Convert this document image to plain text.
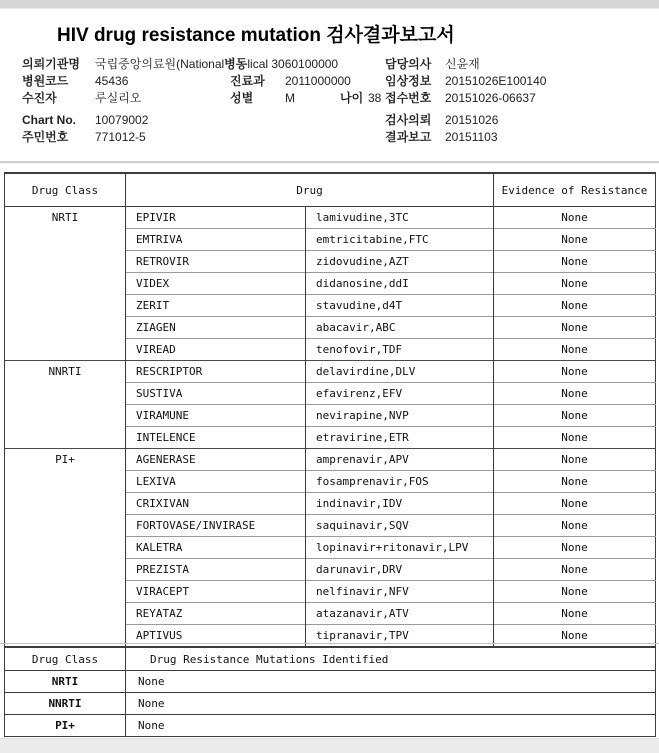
HIV drug resistance mutation 검사결과보고서
의뢰기관명	국립중앙의료원(National 병동 lical 3060100000
병원코드	45436	진료과	2011000000
수진자	루실리오	성별	M	나이 38
Chart No.	10079002
주민번호	771012-5
담당의사	신윤재
임상정보	20151026E100140
접수번호	20151026-06637
검사의뢰	20151026
결과보고	20151103
Drug Class	Drug		Evidence of Resistance
NRTI	EPIVIR	lamivudine,3TC	None
	EMTRIVA	emtricitabine,FTC	None
	RETROVIR	zidovudine,AZT	None
	VIDEX	didanosine,ddI	None
	ZERIT	stavudine,d4T	None
	ZIAGEN	abacavir,ABC	None
	VIREAD	tenofovir,TDF	None
NNRTI	RESCRIPTOR	delavirdine,DLV	None
	SUSTIVA	efavirenz,EFV	None
	VIRAMUNE	nevirapine,NVP	None
	INTELENCE	etravirine,ETR	None
PI+	AGENERASE	amprenavir,APV	None
	LEXIVA	fosamprenavir,FOS	None
	CRIXIVAN	indinavir,IDV	None
	FORTOVASE/INVIRASE	saquinavir,SQV	None
	KALETRA	lopinavir+ritonavir,LPV	None
	PREZISTA	darunavir,DRV	None
	VIRACEPT	nelfinavir,NFV	None
	REYATAZ	atazanavir,ATV	None
	APTIVUS	tipranavir,TPV	None
Drug Class	Drug Resistance Mutations Identified
NRTI	None
NNRTI	None
PI+	None
